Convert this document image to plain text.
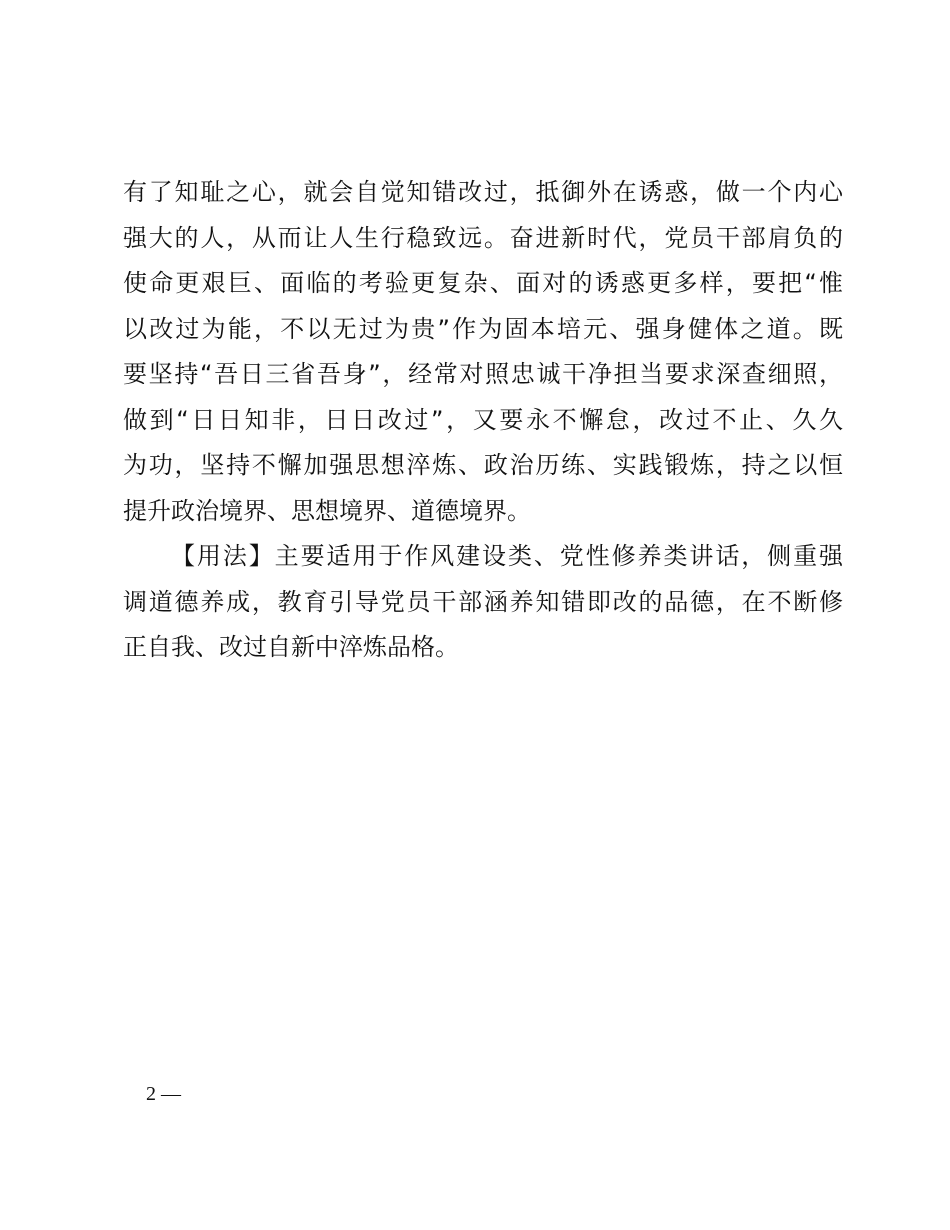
有了知耻之心，就会自觉知错改过，抵御外在诱惑，做一个内心
强大的人，从而让人生行稳致远。奋进新时代，党员干部肩负的
使命更艰巨、面临的考验更复杂、面对的诱惑更多样，要把“惟
以改过为能，不以无过为贵”作为固本培元、强身健体之道。既
要坚持“吾日三省吾身”，经常对照忠诚干净担当要求深查细照，
做到“日日知非，日日改过”，又要永不懈怠，改过不止、久久
为功，坚持不懈加强思想淬炼、政治历练、实践锻炼，持之以恒
提升政治境界、思想境界、道德境界。
【用法】主要适用于作风建设类、党性修养类讲话，侧重强
调道德养成，教育引导党员干部涵养知错即改的品德，在不断修
正自我、改过自新中淬炼品格。
2 —
